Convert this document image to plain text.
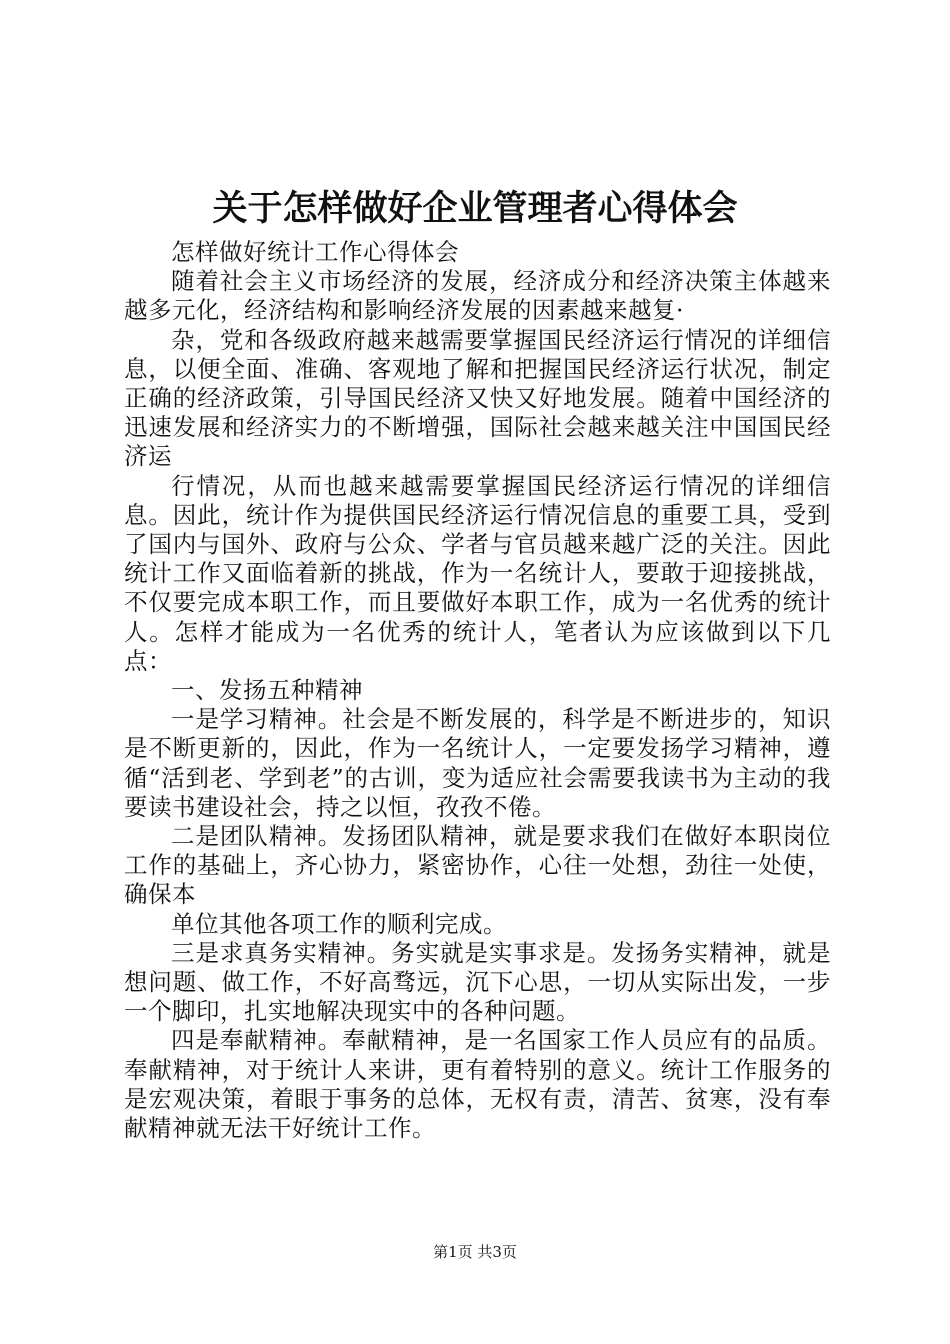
关于怎样做好企业管理者心得体会

怎样做好统计工作心得体会

随着社会主义市场经济的发展，经济成分和经济决策主体越来越多元化，经济结构和影响经济发展的因素越来越复·

杂，党和各级政府越来越需要掌握国民经济运行情况的详细信息，以便全面、准确、客观地了解和把握国民经济运行状况，制定正确的经济政策，引导国民经济又快又好地发展。随着中国经济的迅速发展和经济实力的不断增强，国际社会越来越关注中国国民经济运

行情况，从而也越来越需要掌握国民经济运行情况的详细信息。因此，统计作为提供国民经济运行情况信息的重要工具，受到了国内与国外、政府与公众、学者与官员越来越广泛的关注。因此统计工作又面临着新的挑战，作为一名统计人，要敢于迎接挑战，不仅要完成本职工作，而且要做好本职工作，成为一名优秀的统计人。怎样才能成为一名优秀的统计人，笔者认为应该做到以下几点：

一、发扬五种精神

一是学习精神。社会是不断发展的，科学是不断进步的，知识是不断更新的，因此，作为一名统计人，一定要发扬学习精神，遵循“活到老、学到老”的古训，变为适应社会需要我读书为主动的我要读书建设社会，持之以恒，孜孜不倦。

二是团队精神。发扬团队精神，就是要求我们在做好本职岗位工作的基础上，齐心协力，紧密协作，心往一处想，劲往一处使，确保本

单位其他各项工作的顺利完成。

三是求真务实精神。务实就是实事求是。发扬务实精神，就是想问题、做工作，不好高骛远，沉下心思，一切从实际出发，一步一个脚印，扎实地解决现实中的各种问题。

四是奉献精神。奉献精神，是一名国家工作人员应有的品质。奉献精神，对于统计人来讲，更有着特别的意义。统计工作服务的是宏观决策，着眼于事务的总体，无权有责，清苦、贫寒，没有奉献精神就无法干好统计工作。

第1页 共3页
